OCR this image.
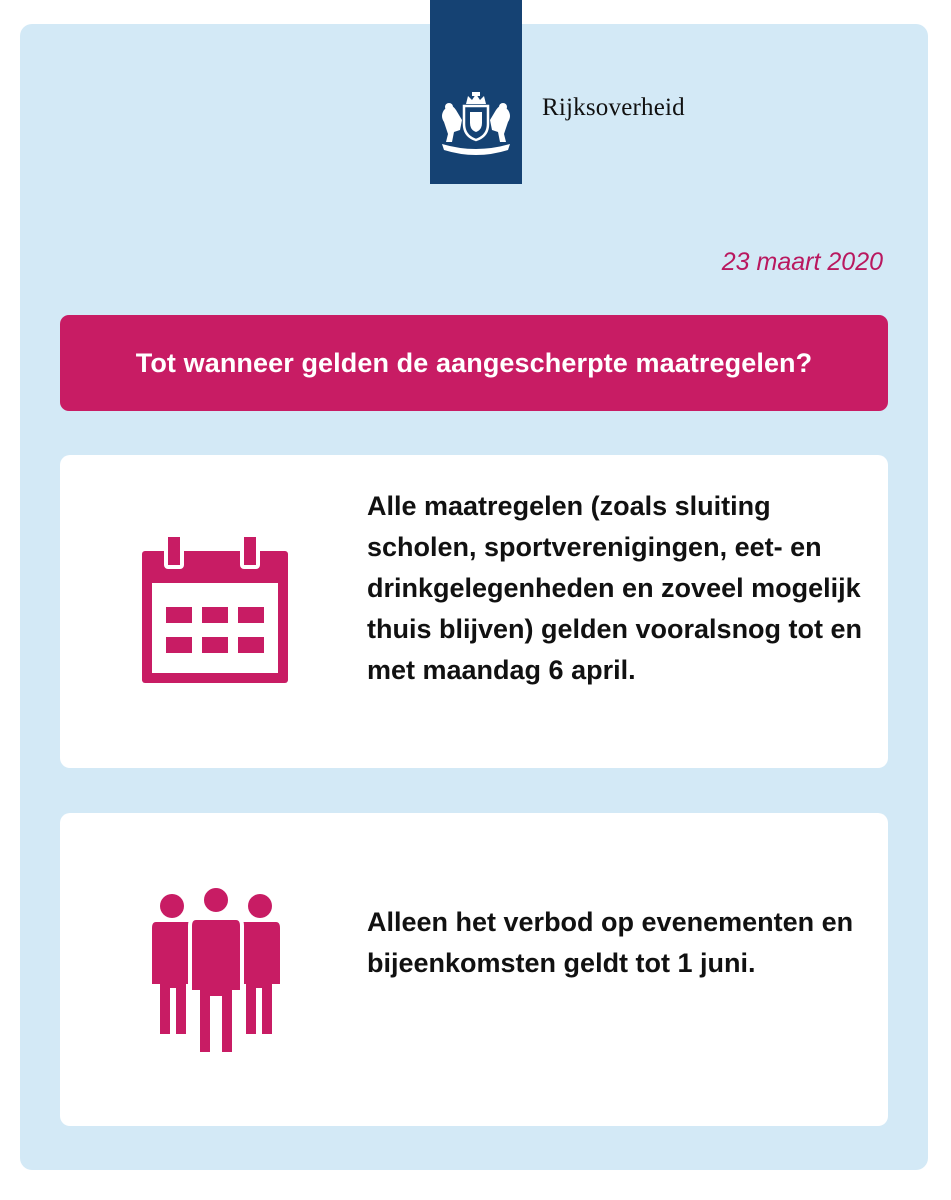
Rijksoverheid
23 maart 2020
Tot wanneer gelden de aangescherpte maatregelen?

Alle maatregelen (zoals sluiting scholen, sportverenigingen, eet- en drinkgelegenheden en zoveel mogelijk thuis blijven) gelden vooralsnog tot en met maandag 6 april.

Alleen het verbod op evenementen en bijeenkomsten geldt tot 1 juni.
